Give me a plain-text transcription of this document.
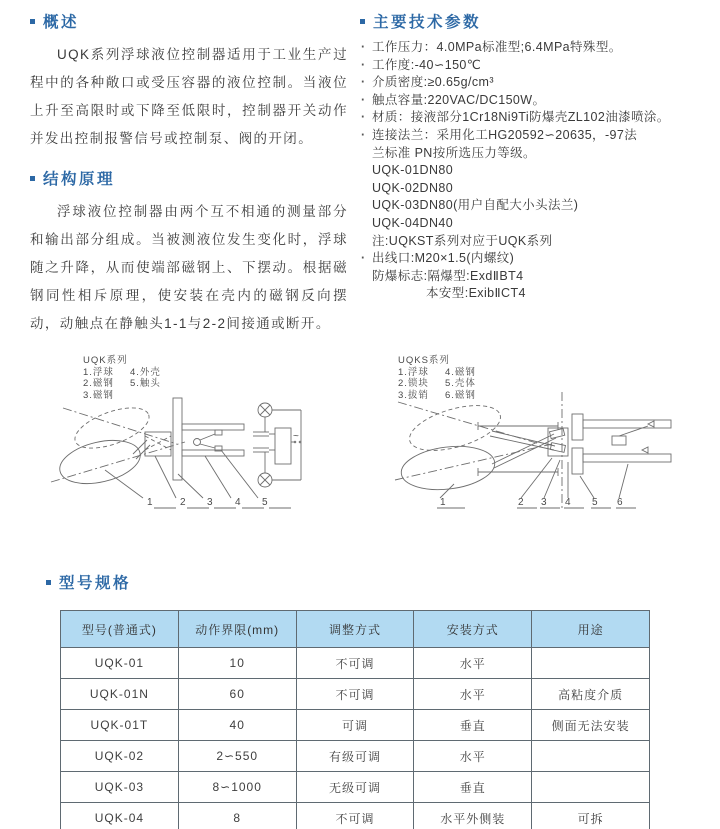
概述

UQK系列浮球液位控制器适用于工业生产过程中的各种敞口或受压容器的液位控制。当液位上升至高限时或下降至低限时，控制器开关动作并发出控制报警信号或控制泵、阀的开闭。

结构原理

浮球液位控制器由两个互不相通的测量部分和输出部分组成。当被测液位发生变化时，浮球随之升降，从而使端部磁钢上、下摆动。根据磁钢同性相斥原理，使安装在壳内的磁钢反向摆动，动触点在静触头1-1与2-2间接通或断开。

主要技术参数
· 工作压力：4.0MPa标准型;6.4MPa特殊型。
· 工作度:-40∽150℃
· 介质密度:≥0.65g/cm³
· 触点容量:220VAC/DC150W。
· 材质：接液部分1Cr18Ni9Ti防爆壳ZL102油漆喷涂。
· 连接法兰：采用化工HG20592∽20635，-97法
兰标准 PN按所选压力等级。
UQK-01DN80
UQK-02DN80
UQK-03DN80(用户自配大小头法兰)
UQK-04DN40
注:UQKST系列对应于UQK系列
· 出线口:M20×1.5(内螺纹)
防爆标志:隔爆型:ExdⅡBT4
本安型:ExibⅡCT4
UQK系列
1.浮球
2.磁钢
3.磁钢
4.外壳
5.触头
~
1	2 3 4 5
UQKS系列
1.浮球
2.锁块
3.拔销
4.磁钢
5.壳体
6.磁钢
1	2 3 4 5 6
型号规格
型号(普通式)	动作界限(mm)	调整方式	安装方式	用途
UQK-01	10	不可调	水平	
UQK-01N	60	不可调	水平	高粘度介质
UQK-01T	40	可调	垂直	侧面无法安装
UQK-02	2∽550	有级可调	水平	
UQK-03	8∽1000	无级可调	垂直	
UQK-04	8	不可调	水平外侧装	可拆
